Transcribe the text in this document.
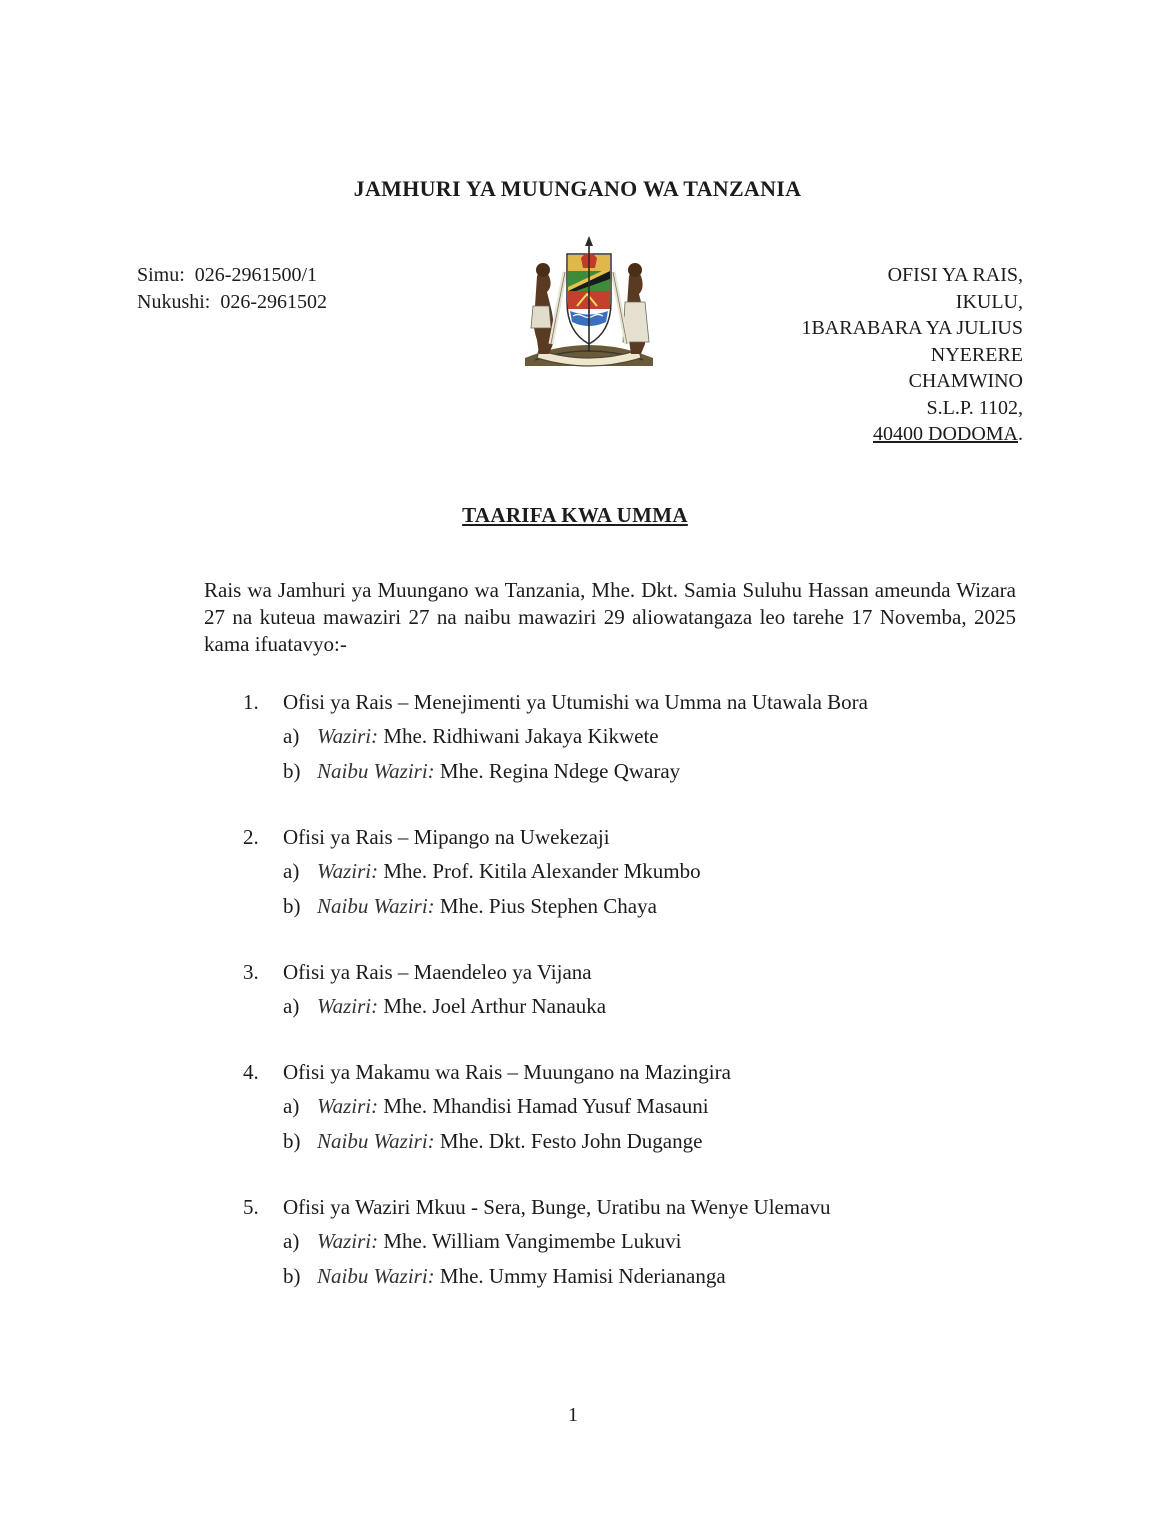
JAMHURI YA MUUNGANO WA TANZANIA
Simu: 026-2961500/1
Nukushi: 026-2961502
OFISI YA RAIS,
IKULU,
1BARABARA YA JULIUS
NYERERE
CHAMWINO
S.L.P. 1102,
40400 DODOMA.
TAARIFA KWA UMMA
Rais wa Jamhuri ya Muungano wa Tanzania, Mhe. Dkt. Samia Suluhu Hassan ameunda Wizara 27 na kuteua mawaziri 27 na naibu mawaziri 29 aliowatangaza leo tarehe 17 Novemba, 2025 kama ifuatavyo:-
1.	Ofisi ya Rais – Menejimenti ya Utumishi wa Umma na Utawala Bora
a) Waziri:
Mhe. Ridhiwani Jakaya Kikwete
b) Naibu Waziri:
Mhe. Regina Ndege Qwaray
2.	Ofisi ya Rais – Mipango na Uwekezaji
a) Waziri:
Mhe. Prof. Kitila Alexander Mkumbo
b) Naibu Waziri:
Mhe. Pius Stephen Chaya
3.	Ofisi ya Rais – Maendeleo ya Vijana
a) Waziri:
Mhe. Joel Arthur Nanauka
4.	Ofisi ya Makamu wa Rais – Muungano na Mazingira
a) Waziri:
Mhe. Mhandisi Hamad Yusuf Masauni
b) Naibu Waziri:
Mhe. Dkt. Festo John Dugange
5.	Ofisi ya Waziri Mkuu - Sera, Bunge, Uratibu na Wenye Ulemavu
a) Waziri:
Mhe. William Vangimembe Lukuvi
b) Naibu Waziri:
Mhe. Ummy Hamisi Nderiananga
1
